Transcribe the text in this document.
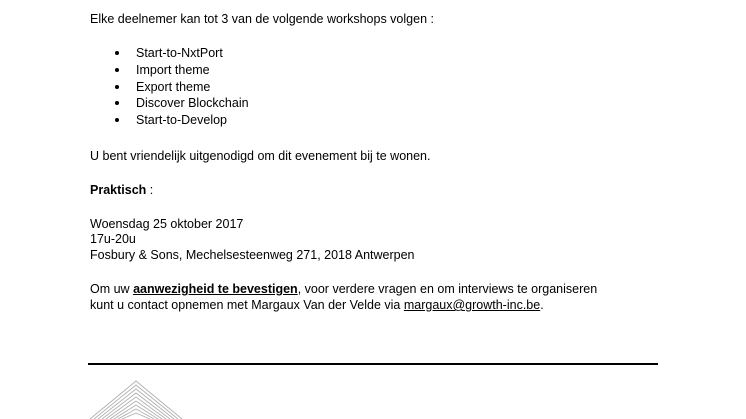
Elke deelnemer kan tot 3 van de volgende workshops volgen :

Start-to-NxtPort
Import theme
Export theme
Discover Blockchain
Start-to-Develop

U bent vriendelijk uitgenodigd om dit evenement bij te wonen.

Praktisch :

Woensdag 25 oktober 2017

17u-20u

Fosbury & Sons, Mechelsesteenweg 271, 2018 Antwerpen

Om uw aanwezigheid te bevestigen, voor verdere vragen en om interviews te organiseren

kunt u contact opnemen met Margaux Van der Velde via margaux@growth-inc.be.
